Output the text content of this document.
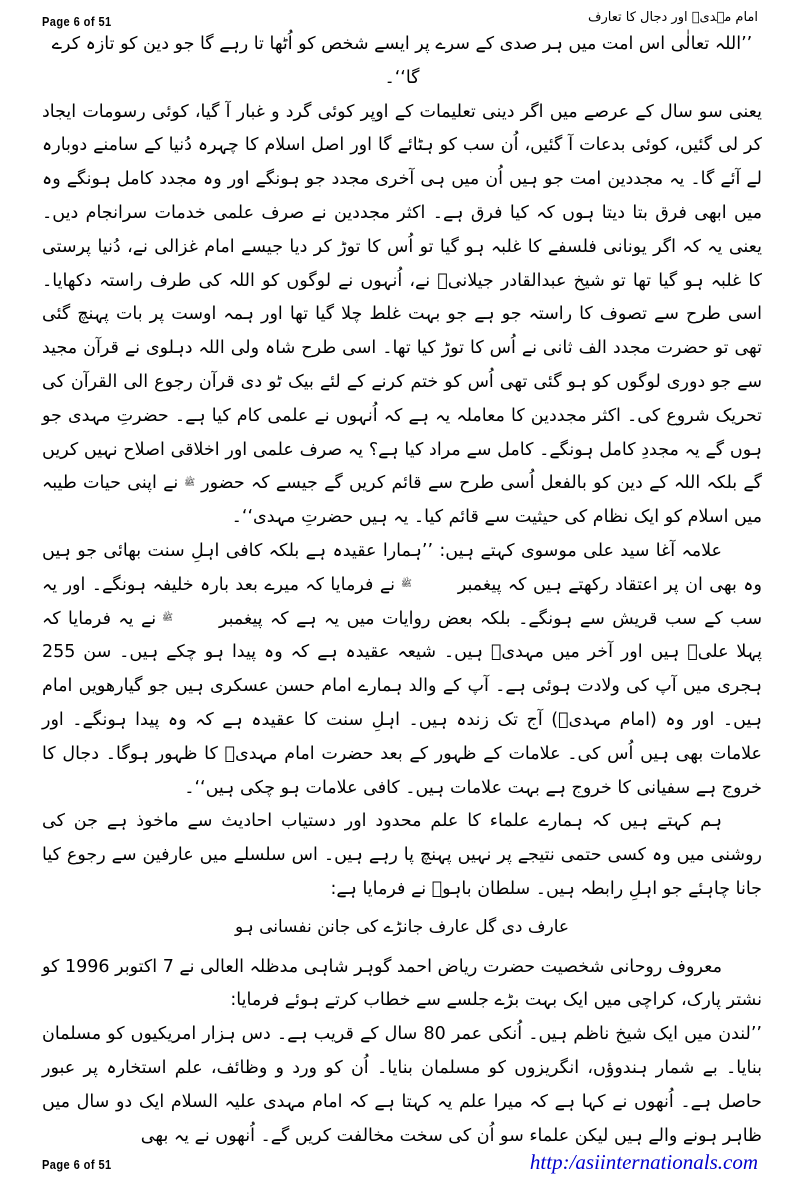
Page 6 of 51	امام مہدیؑ اور دجال کا تعارف

’’اللہ تعالٰی اس امت میں ہر صدی کے سرے پر ایسے شخص کو اُٹھا تا رہے گا جو دین کو تازہ کرے گا‘‘۔

یعنی سو سال کے عرصے میں اگر دینی تعلیمات کے اوپر کوئی گرد و غبار آ گیا، کوئی رسومات ایجاد کر لی گئیں، کوئی بدعات آ گئیں، اُن سب کو ہٹائے گا اور اصل اسلام کا چہرہ دُنیا کے سامنے دوبارہ لے آئے گا۔ یہ مجددین امت جو ہیں اُن میں ہی آخری مجدد جو ہونگے اور وہ مجدد کامل ہونگے وہ میں ابھی فرق بتا دیتا ہوں کہ کیا فرق ہے۔ اکثر مجددین نے صرف علمی خدمات سرانجام دیں۔ یعنی یہ کہ اگر یونانی فلسفے کا غلبہ ہو گیا تو اُس کا توڑ کر دیا جیسے امام غزالی نے، دُنیا پرستی کا غلبہ ہو گیا تھا تو شیخ عبدالقادر جیلانیؒ نے، اُنہوں نے لوگوں کو اللہ کی طرف راستہ دکھایا۔ اسی طرح سے تصوف کا راستہ جو ہے جو بہت غلط چلا گیا تھا اور ہمہ اوست پر بات پہنچ گئی تھی تو حضرت مجدد الف ثانی نے اُس کا توڑ کیا تھا۔ اسی طرح شاہ ولی اللہ دہلوی نے قرآن مجید سے جو دوری لوگوں کو ہو گئی تھی اُس کو ختم کرنے کے لئے بیک ٹو دی قرآن رجوع الی القرآن کی تحریک شروع کی۔ اکثر مجددین کا معاملہ یہ ہے کہ اُنہوں نے علمی کام کیا ہے۔ حضرتِ مہدی جو ہوں گے یہ مجددِ کامل ہونگے۔ کامل سے مراد کیا ہے؟ یہ صرف علمی اور اخلاقی اصلاح نہیں کریں گے بلکہ اللہ کے دین کو بالفعل اُسی طرح سے قائم کریں گے جیسے کہ حضورﷺنے اپنی حیات طیبہ میں اسلام کو ایک نظام کی حیثیت سے قائم کیا۔ یہ ہیں حضرتِ مہدی‘‘۔

علامہ آغا سید علی موسوی کہتے ہیں: ’’ہمارا عقیدہ ہے بلکہ کافی اہلِ سنت بھائی جو ہیں وہ بھی ان پر اعتقاد رکھتے ہیں کہ پیغمبرﷺنے فرمایا کہ میرے بعد بارہ خلیفہ ہونگے۔ اور یہ سب کے سب قریش سے ہونگے۔ بلکہ بعض روایات میں یہ ہے کہ پیغمبرﷺنے یہ فرمایا کہ پہلا علیؑ ہیں اور آخر میں مہدیؑ ہیں۔ شیعہ عقیدہ ہے کہ وہ پیدا ہو چکے ہیں۔ سن 255 ہجری میں آپ کی ولادت ہوئی ہے۔ آپ کے والد ہمارے امام حسن عسکری ہیں جو گیارھویں امام ہیں۔ اور وہ (امام مہدیؑ) آج تک زندہ ہیں۔ اہلِ سنت کا عقیدہ ہے کہ وہ پیدا ہونگے۔ اور علامات بھی ہیں اُس کی۔ علامات کے ظہور کے بعد حضرت امام مہدیؑ کا ظہور ہوگا۔ دجال کا خروج ہے سفیانی کا خروج ہے بہت علامات ہیں۔ کافی علامات ہو چکی ہیں‘‘۔

ہم کہتے ہیں کہ ہمارے علماء کا علم محدود اور دستیاب احادیث سے ماخوذ ہے جن کی روشنی میں وہ کسی حتمی نتیجے پر نہیں پہنچ پا رہے ہیں۔ اس سلسلے میں عارفین سے رجوع کیا جانا چاہئے جو اہلِ رابطہ ہیں۔ سلطان باہوؒ نے فرمایا ہے:

عارف دی گل عارف جانڑے کی جانن نفسانی ہو

معروف روحانی شخصیت حضرت ریاض احمد گوہر شاہی مدظلہ العالی نے 7 اکتوبر 1996 کو نشتر پارک، کراچی میں ایک بہت بڑے جلسے سے خطاب کرتے ہوئے فرمایا:

’’لندن میں ایک شیخ ناظم ہیں۔ اُنکی عمر 80 سال کے قریب ہے۔ دس ہزار امریکیوں کو مسلمان بنایا۔ بے شمار ہندوؤں، انگریزوں کو مسلمان بنایا۔ اُن کو ورد و وظائف، علم استخارہ پر عبور حاصل ہے۔ اُنھوں نے کہا ہے کہ میرا علم یہ کہتا ہے کہ امام مہدی علیہ السلام ایک دو سال میں ظاہر ہونے والے ہیں لیکن علماء سو اُن کی سخت مخالفت کریں گے۔ اُنھوں نے یہ بھی

Page 6 of 51	http:/asiinternationals.com
